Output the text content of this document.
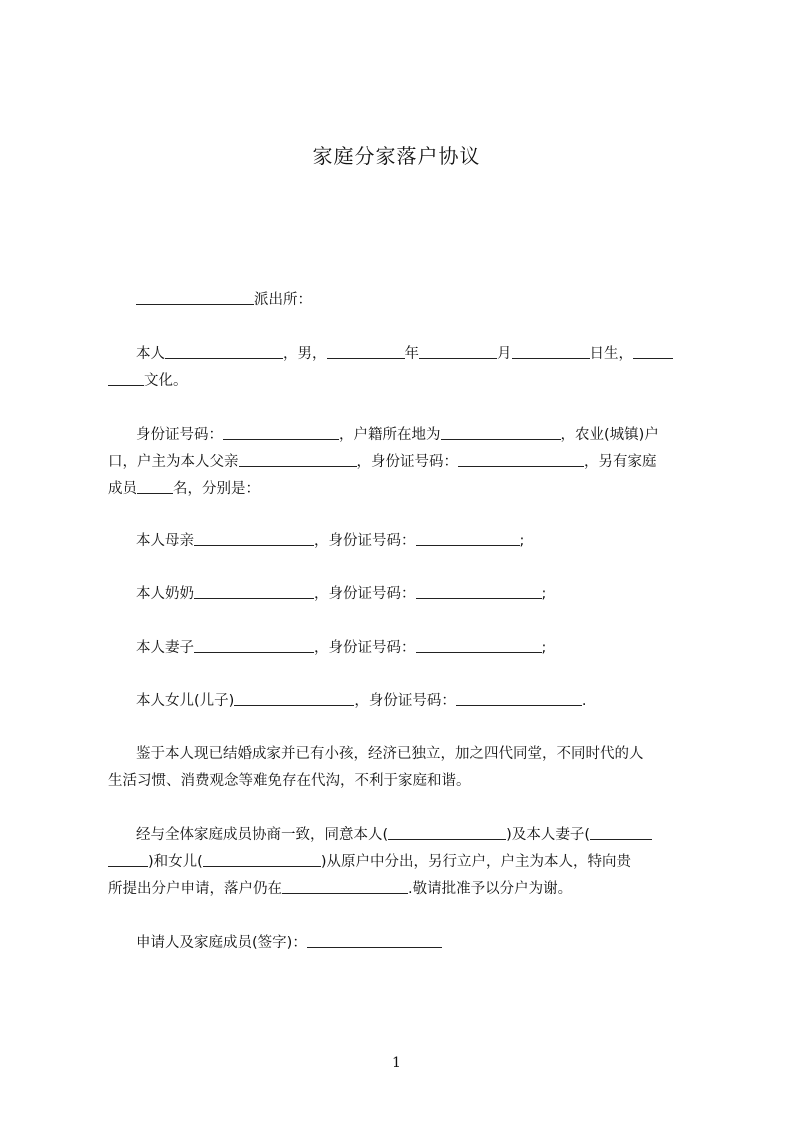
家庭分家落户协议
派出所：
本人	，男，	年	月	日生，
文化。
身份证号码：	，户籍所在地为	，农业(城镇)户
口，户主为本人父亲	，身份证号码：	，另有家庭
成员 名，分别是：
本人母亲	，身份证号码：	;
本人奶奶	，身份证号码：	;
本人妻子	，身份证号码：	;
本人女儿(儿子)	，身份证号码：	.
鉴于本人现已结婚成家并已有小孩，经济已独立，加之四代同堂，不同时代的人
生活习惯、消费观念等难免存在代沟，不利于家庭和谐。
经与全体家庭成员协商一致，同意本人(	)及本人妻子(
)和女儿(	)从原户中分出，另行立户，户主为本人，特向贵
所提出分户申请，落户仍在	.敬请批准予以分户为谢。
申请人及家庭成员(签字)：
1
